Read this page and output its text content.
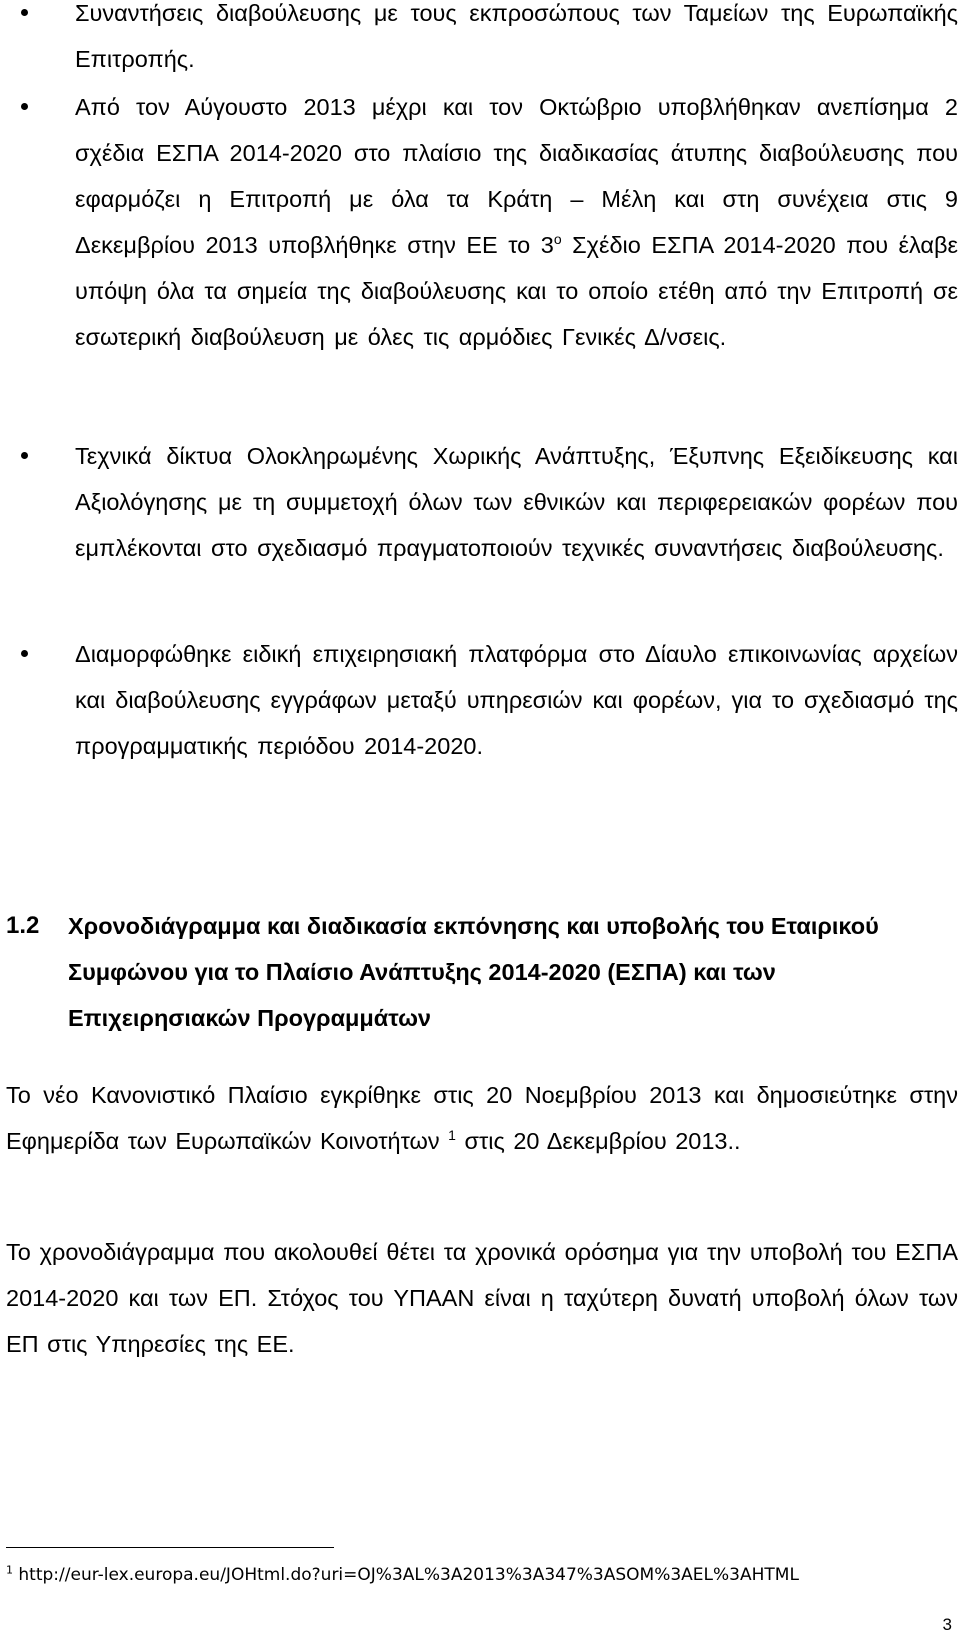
Συναντήσεις διαβούλευσης με τους εκπροσώπους των Ταμείων της Ευρωπαϊκής Επιτροπής.

Από τον Αύγουστο 2013 μέχρι και τον Οκτώβριο υποβλήθηκαν ανεπίσημα 2 σχέδια ΕΣΠΑ 2014-2020 στο πλαίσιο της διαδικασίας άτυπης διαβούλευσης που εφαρμόζει η Επιτροπή με όλα τα Κράτη – Μέλη και στη συνέχεια στις 9 Δεκεμβρίου 2013 υποβλήθηκε στην ΕΕ το $3^o$ Σχέδιο ΕΣΠΑ 2014-2020 που έλαβε υπόψη όλα τα σημεία της διαβούλευσης και το οποίο ετέθη από την Επιτροπή σε εσωτερική διαβούλευση με όλες τις αρμόδιες Γενικές Δ/νσεις.

Τεχνικά δίκτυα Ολοκληρωμένης Χωρικής Ανάπτυξης, Έξυπνης Εξειδίκευσης και Αξιολόγησης με τη συμμετοχή όλων των εθνικών και περιφερειακών φορέων που εμπλέκονται στο σχεδιασμό πραγματοποιούν τεχνικές συναντήσεις διαβούλευσης.

Διαμορφώθηκε ειδική επιχειρησιακή πλατφόρμα στο Δίαυλο επικοινωνίας αρχείων και διαβούλευσης εγγράφων μεταξύ υπηρεσιών και φορέων, για το σχεδιασμό της προγραμματικής περιόδου 2014-2020.

1.2 Χρονοδιάγραμμα και διαδικασία εκπόνησης και υποβολής του Εταιρικού Συμφώνου για το Πλαίσιο Ανάπτυξης 2014-2020 (ΕΣΠΑ) και των Επιχειρησιακών Προγραμμάτων

Το νέο Κανονιστικό Πλαίσιο εγκρίθηκε στις 20 Νοεμβρίου 2013 και δημοσιεύτηκε στην Εφημερίδα των Ευρωπαϊκών Κοινοτήτων $^1$ στις 20 Δεκεμβρίου 2013..

Το χρονοδιάγραμμα που ακολουθεί θέτει τα χρονικά ορόσημα για την υποβολή του ΕΣΠΑ 2014-2020 και των ΕΠ. Στόχος του ΥΠΑΑΝ είναι η ταχύτερη δυνατή υποβολή όλων των ΕΠ στις Υπηρεσίες της ΕΕ.

$^1$ http://eur-lex.europa.eu/JOHtml.do?uri=OJ%3AL%3A2013%3A347%3ASOM%3AEL%3AHTML
3
